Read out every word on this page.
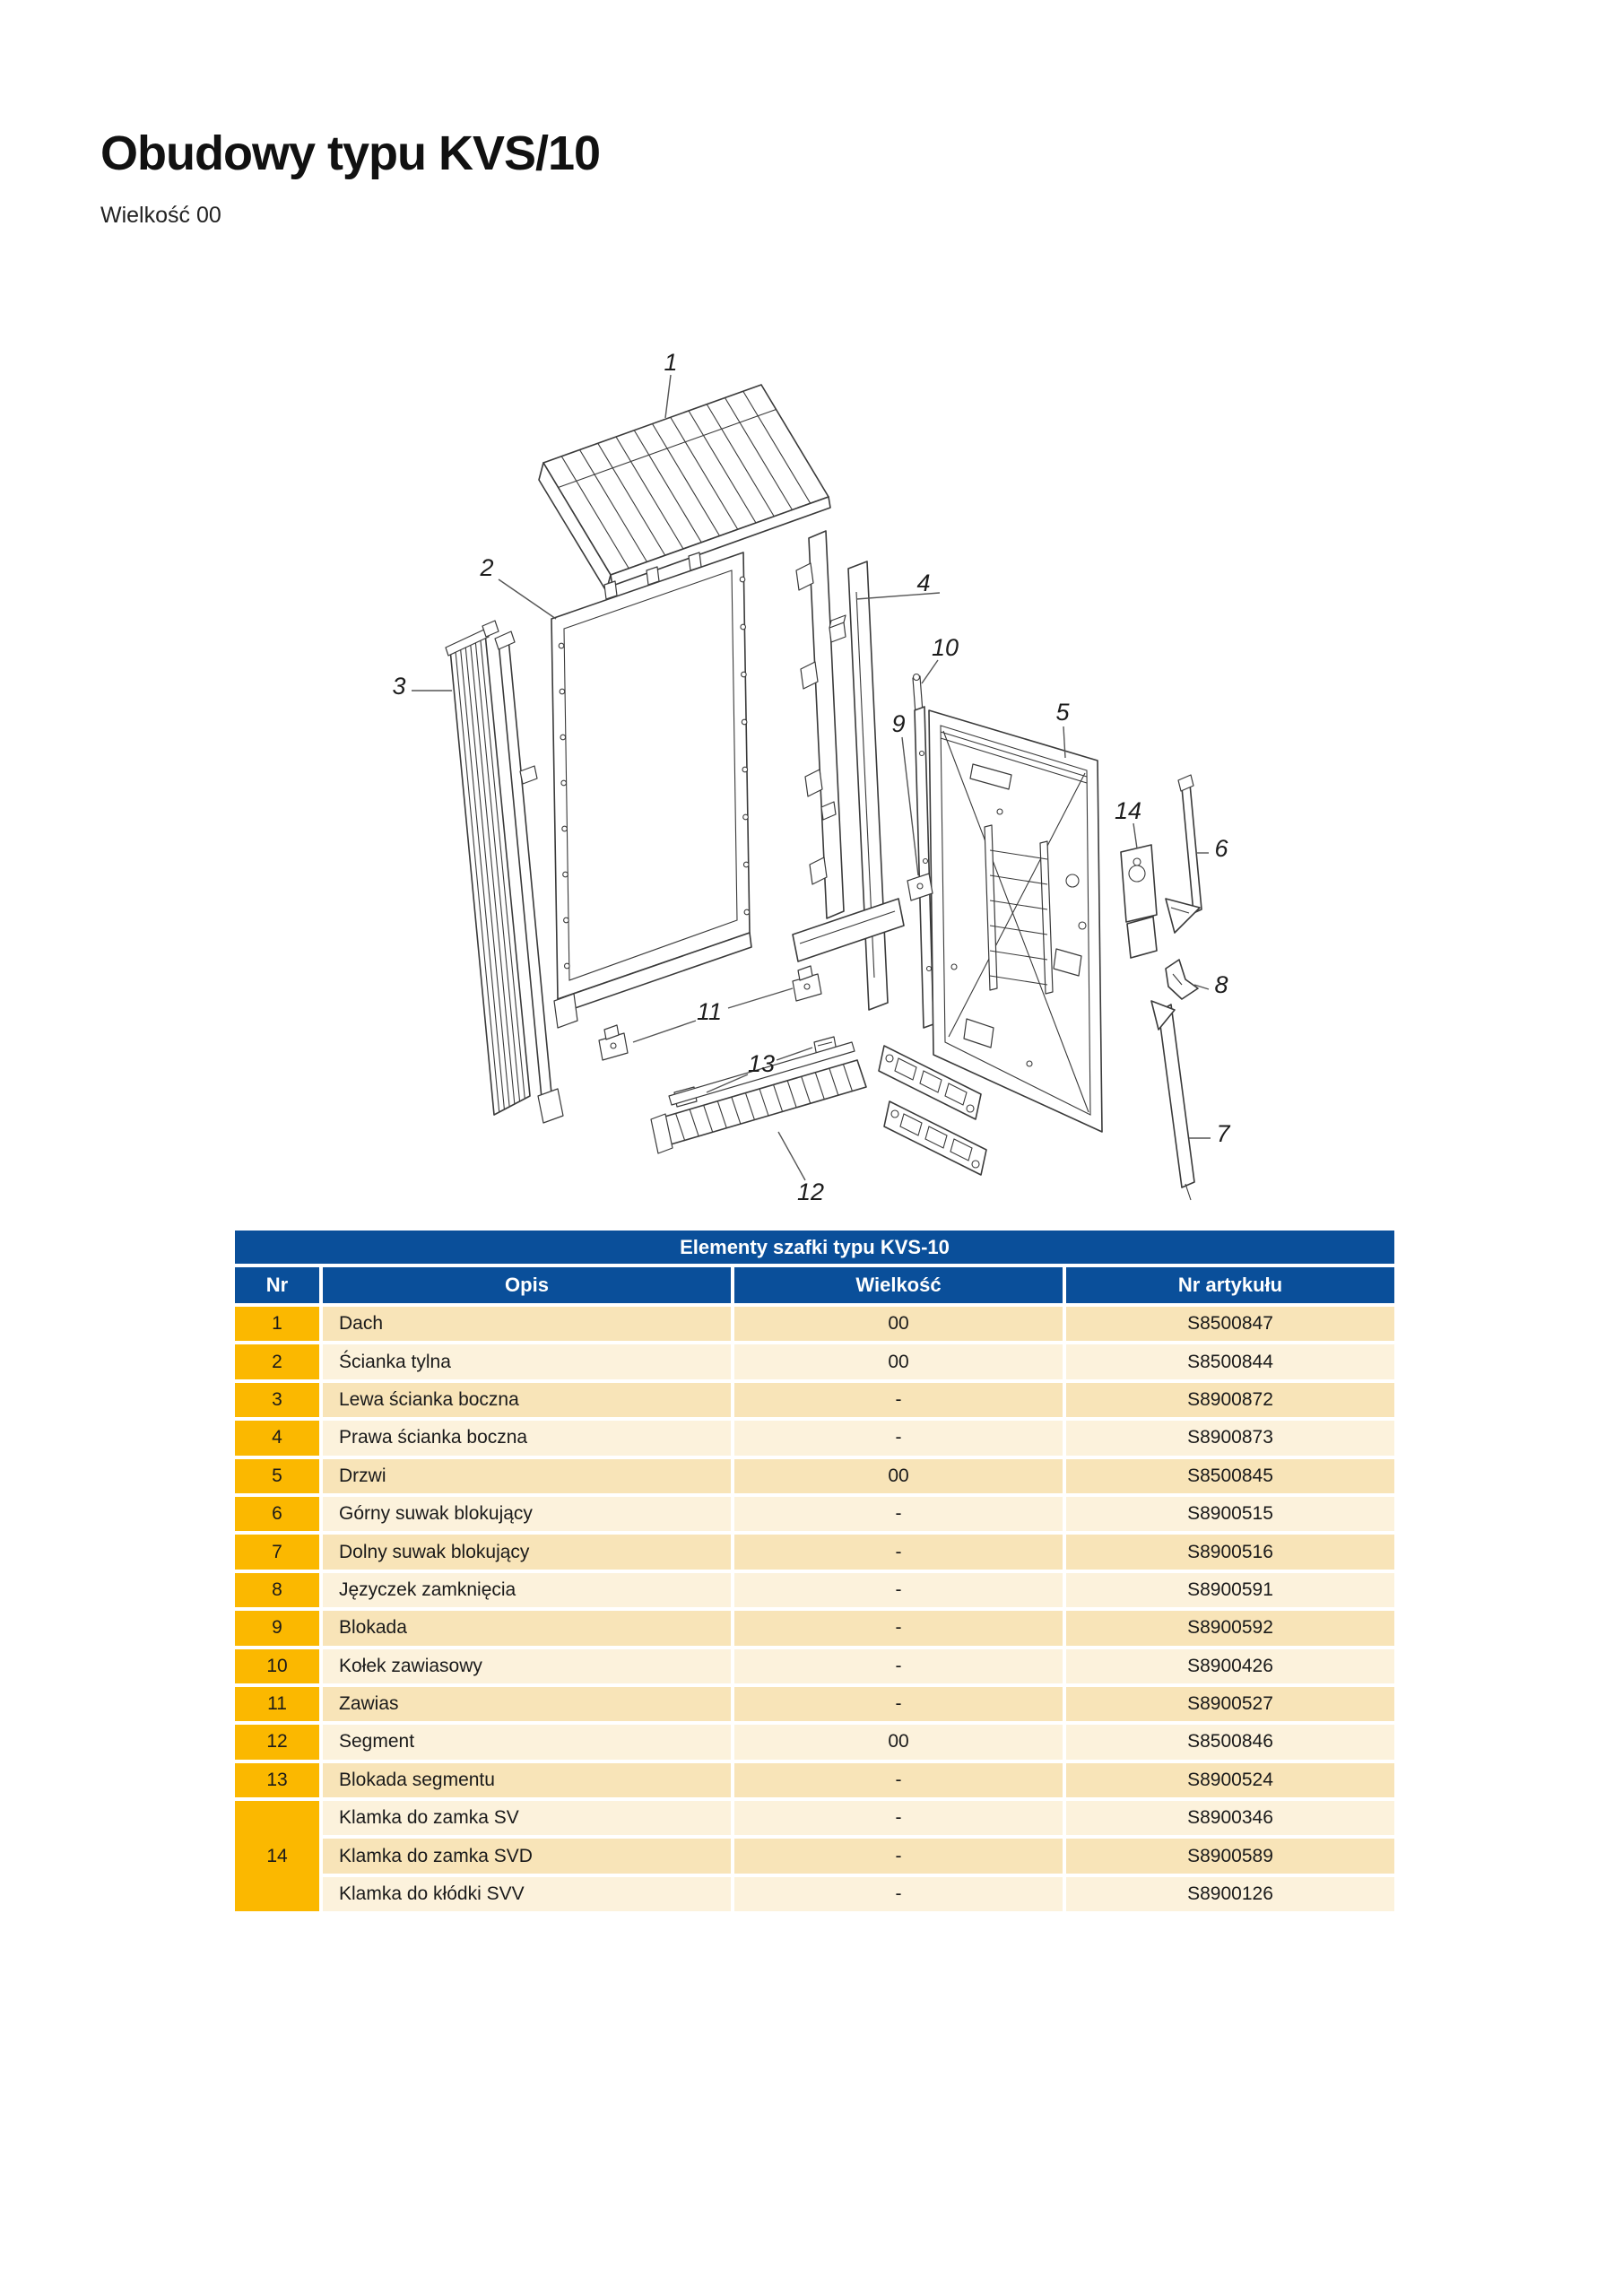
Obudowy typu KVS/10
Wielkość 00
1
2
3
4
5
6
7
8
9
10
11
12
13
14
Elementy szafki typu KVS-10
Nr	Opis	Wielkość	Nr artykułu
1	Dach	00	S8500847
2	Ścianka tylna	00	S8500844
3	Lewa ścianka boczna	-	S8900872
4	Prawa ścianka boczna	-	S8900873
5	Drzwi	00	S8500845
6	Górny suwak blokujący	-	S8900515
7	Dolny suwak blokujący	-	S8900516
8	Języczek zamknięcia	-	S8900591
9	Blokada	-	S8900592
10	Kołek zawiasowy	-	S8900426
11	Zawias	-	S8900527
12	Segment	00	S8500846
13	Blokada segmentu	-	S8900524
14
Klamka do zamka SV	-	S8900346
Klamka do zamka SVD	-	S8900589
Klamka do kłódki SVV	-	S8900126
